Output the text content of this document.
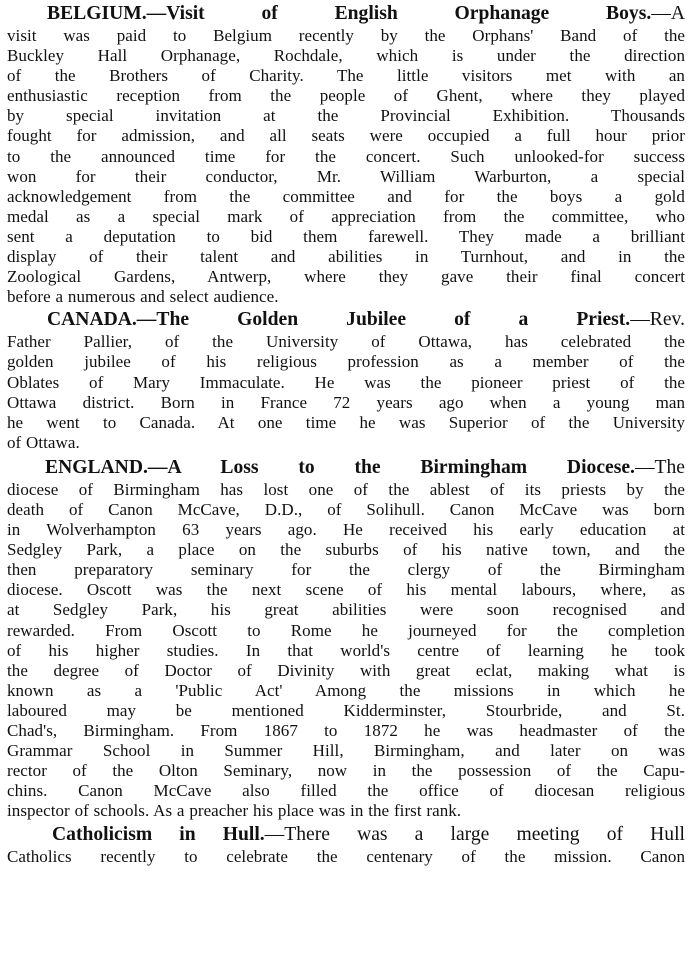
BELGIUM.—Visit of English Orphanage Boys.—A
visit was paid to Belgium recently by the Orphans' Band of the
Buckley Hall Orphanage, Rochdale, which is under the direction
of the Brothers of Charity. The little visitors met with an
enthusiastic reception from the people of Ghent, where they played
by special invitation at the Provincial Exhibition. Thousands
fought for admission, and all seats were occupied a full hour prior
to the announced time for the concert. Such unlooked-for success
won for their conductor, Mr. William Warburton, a special
acknowledgement from the committee and for the boys a gold
medal as a special mark of appreciation from the committee, who
sent a deputation to bid them farewell. They made a brilliant
display of their talent and abilities in Turnhout, and in the
Zoological Gardens, Antwerp, where they gave their final concert
before a numerous and select audience.
CANADA.—The Golden Jubilee of a Priest.—Rev.
Father Pallier, of the University of Ottawa, has celebrated the
golden jubilee of his religious profession as a member of the
Oblates of Mary Immaculate. He was the pioneer priest of the
Ottawa district. Born in France 72 years ago when a young man
he went to Canada. At one time he was Superior of the University
of Ottawa.
ENGLAND.—A Loss to the Birmingham Diocese.—The
diocese of Birmingham has lost one of the ablest of its priests by the
death of Canon McCave, D.D., of Solihull. Canon McCave was born
in Wolverhampton 63 years ago. He received his early education at
Sedgley Park, a place on the suburbs of his native town, and the
then preparatory seminary for the clergy of the Birmingham
diocese. Oscott was the next scene of his mental labours, where, as
at Sedgley Park, his great abilities were soon recognised and
rewarded. From Oscott to Rome he journeyed for the completion
of his higher studies. In that world's centre of learning he took
the degree of Doctor of Divinity with great eclat, making what is
known as a 'Public Act' Among the missions in which he
laboured may be mentioned Kidderminster, Stourbride, and St.
Chad's, Birmingham. From 1867 to 1872 he was headmaster of the
Grammar School in Summer Hill, Birmingham, and later on was
rector of the Olton Seminary, now in the possession of the Capu-
chins. Canon McCave also filled the office of diocesan religious
inspector of schools. As a preacher his place was in the first rank.
Catholicism in Hull.—There was a large meeting of Hull
Catholics recently to celebrate the centenary of the mission. Canon
